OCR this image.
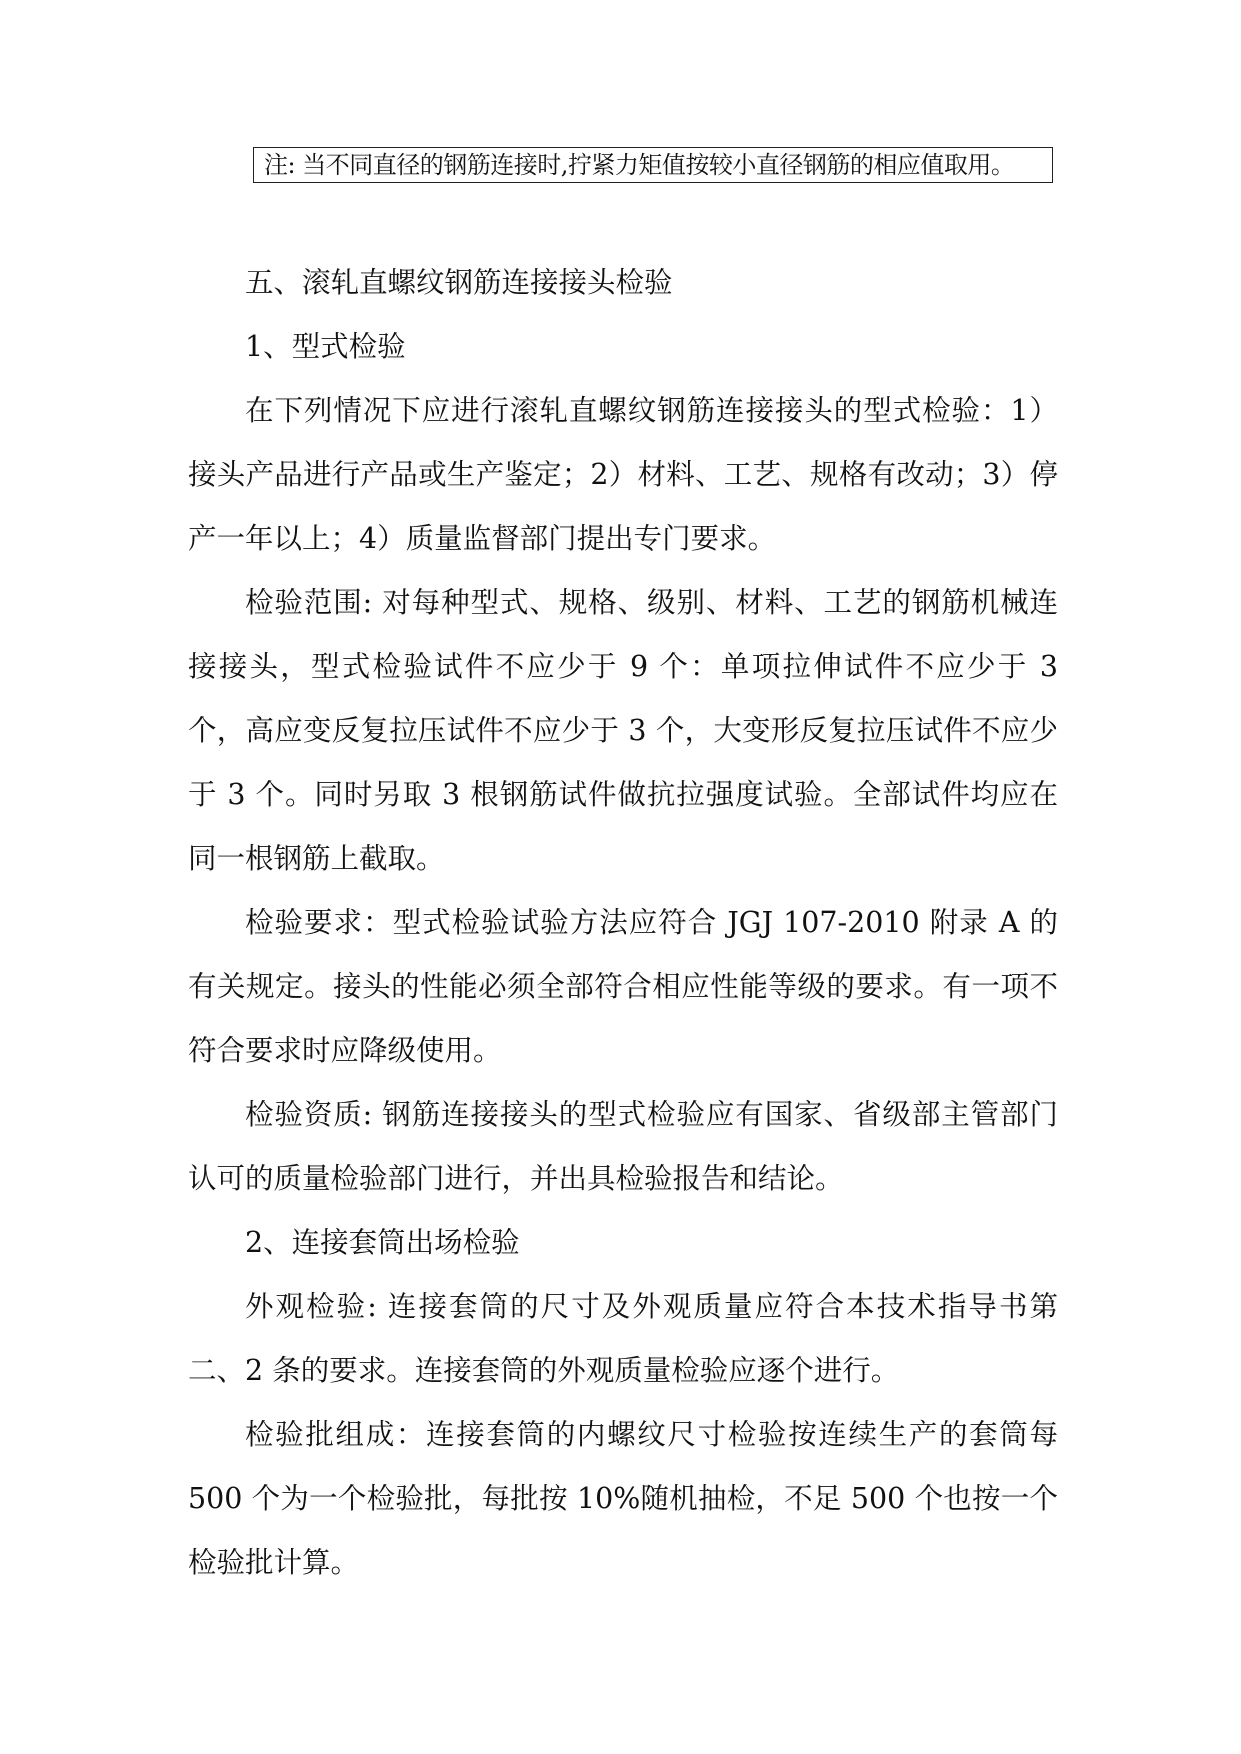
注: 当不同直径的钢筋连接时,拧紧力矩值按较小直径钢筋的相应值取用。

五、滚轧直螺纹钢筋连接接头检验

1、型式检验

在下列情况下应进行滚轧直螺纹钢筋连接接头的型式检验：1）接头产品进行产品或生产鉴定；2）材料、工艺、规格有改动；3）停产一年以上；4）质量监督部门提出专门要求。

检验范围: 对每种型式、规格、级别、材料、工艺的钢筋机械连接接头，型式检验试件不应少于 9 个：单项拉伸试件不应少于 3 个，高应变反复拉压试件不应少于 3 个，大变形反复拉压试件不应少于 3 个。同时另取 3 根钢筋试件做抗拉强度试验。全部试件均应在同一根钢筋上截取。

检验要求：型式检验试验方法应符合 JGJ 107-2010 附录 A 的有关规定。接头的性能必须全部符合相应性能等级的要求。有一项不符合要求时应降级使用。

检验资质: 钢筋连接接头的型式检验应有国家、省级部主管部门认可的质量检验部门进行，并出具检验报告和结论。

2、连接套筒出场检验

外观检验: 连接套筒的尺寸及外观质量应符合本技术指导书第二、2 条的要求。连接套筒的外观质量检验应逐个进行。

检验批组成：连接套筒的内螺纹尺寸检验按连续生产的套筒每 500 个为一个检验批，每批按 10%随机抽检，不足 500 个也按一个检验批计算。
